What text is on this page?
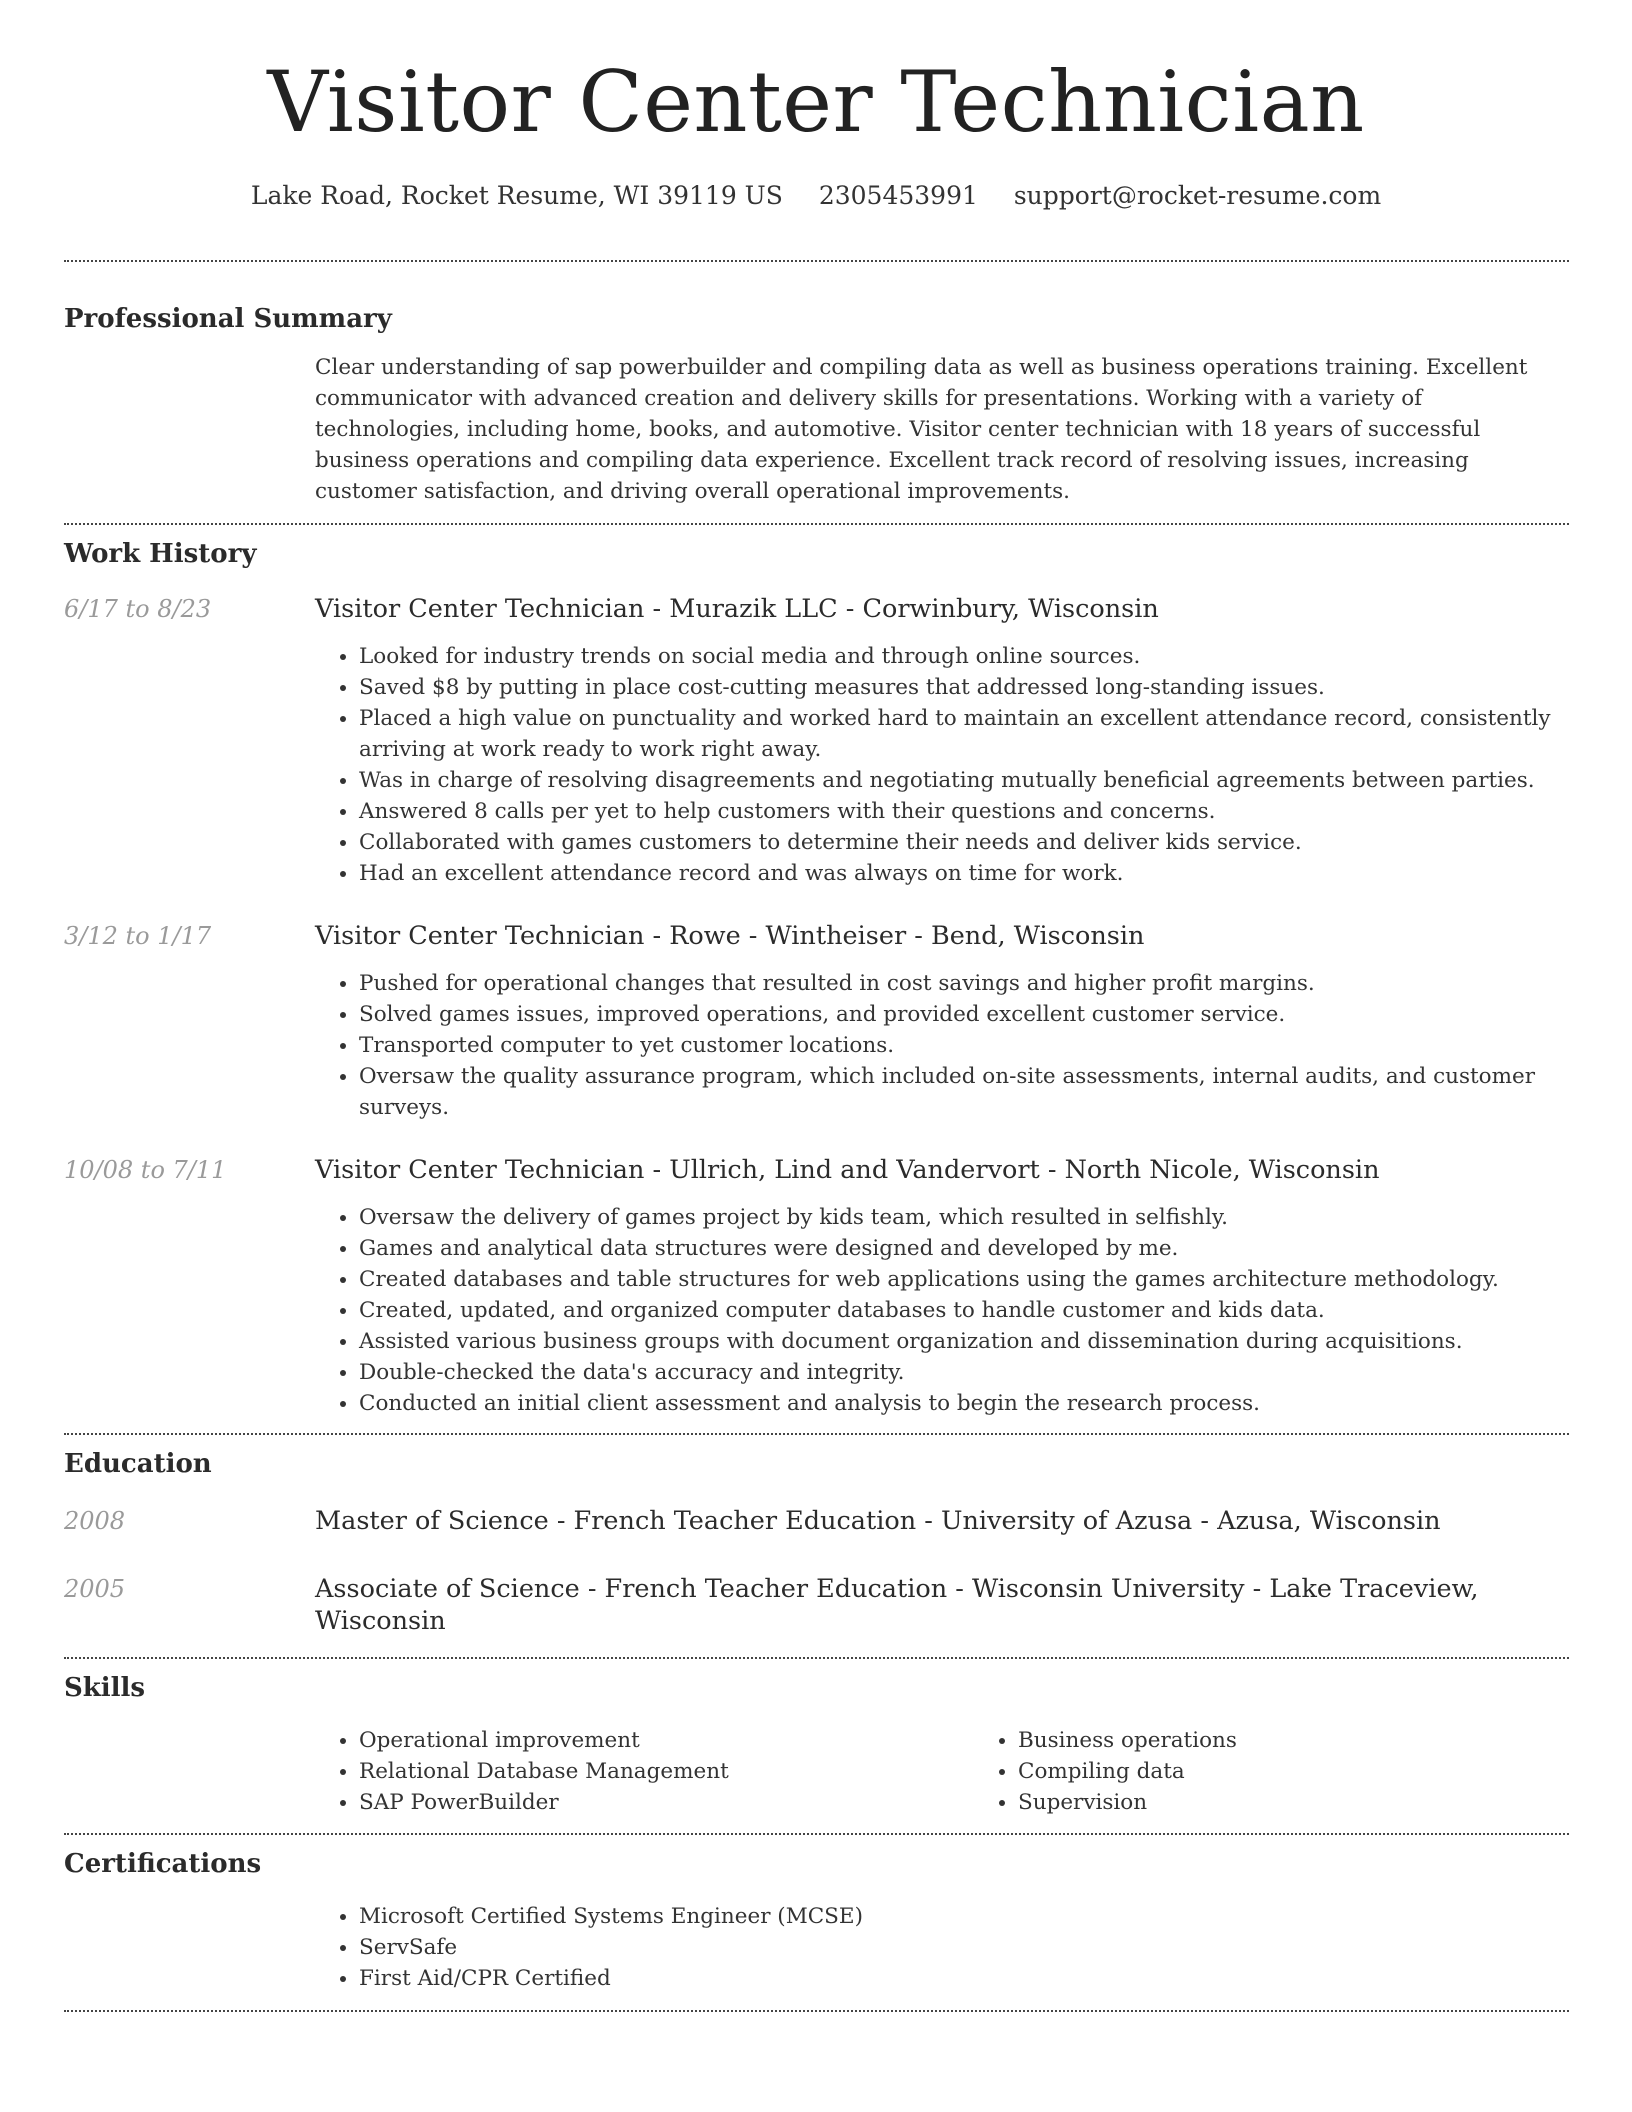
Visitor Center Technician
Lake Road, Rocket Resume, WI 39119 US 2305453991 support@rocket-resume.com
Professional Summary

Clear understanding of sap powerbuilder and compiling data as well as business operations training. Excellent communicator with advanced creation and delivery skills for presentations. Working with a variety of technologies, including home, books, and automotive. Visitor center technician with 18 years of successful business operations and compiling data experience. Excellent track record of resolving issues, increasing customer satisfaction, and driving overall operational improvements.

Work History
6/17 to 8/23	Visitor Center Technician - Murazik LLC - Corwinbury, Wisconsin
• Looked for industry trends on social media and through online sources.
• Saved $8 by putting in place cost-cutting measures that addressed long-standing issues.
• Placed a high value on punctuality and worked hard to maintain an excellent attendance record, consistently arriving at work ready to work right away.
• Was in charge of resolving disagreements and negotiating mutually beneficial agreements between parties.
• Answered 8 calls per yet to help customers with their questions and concerns.
• Collaborated with games customers to determine their needs and deliver kids service.
• Had an excellent attendance record and was always on time for work.
3/12 to 1/17	Visitor Center Technician - Rowe - Wintheiser - Bend, Wisconsin
• Pushed for operational changes that resulted in cost savings and higher profit margins.
• Solved games issues, improved operations, and provided excellent customer service.
• Transported computer to yet customer locations.
• Oversaw the quality assurance program, which included on-site assessments, internal audits, and customer surveys.
10/08 to 7/11	Visitor Center Technician - Ullrich, Lind and Vandervort - North Nicole, Wisconsin
• Oversaw the delivery of games project by kids team, which resulted in selfishly.
• Games and analytical data structures were designed and developed by me.
• Created databases and table structures for web applications using the games architecture methodology.
• Created, updated, and organized computer databases to handle customer and kids data.
• Assisted various business groups with document organization and dissemination during acquisitions.
• Double-checked the data's accuracy and integrity.
• Conducted an initial client assessment and analysis to begin the research process.
Education
2008	Master of Science - French Teacher Education - University of Azusa - Azusa, Wisconsin
2005	Associate of Science - French Teacher Education - Wisconsin University - Lake Traceview, Wisconsin
Skills
• Operational improvement
• Relational Database Management
• SAP PowerBuilder
• Business operations
• Compiling data
• Supervision
Certifications
• Microsoft Certified Systems Engineer (MCSE)
• ServSafe
• First Aid/CPR Certified
